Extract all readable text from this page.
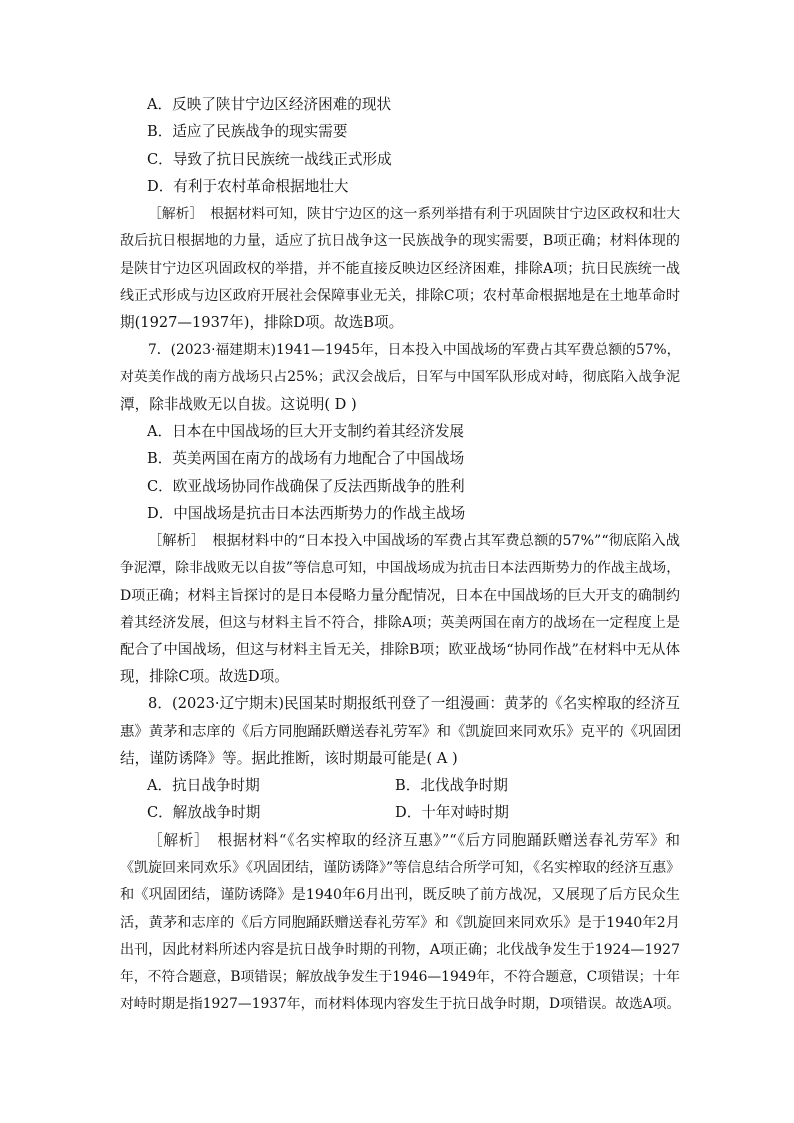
A．反映了陕甘宁边区经济困难的现状
B．适应了民族战争的现实需要
C．导致了抗日民族统一战线正式形成
D．有利于农村革命根据地壮大
［解析］　根据材料可知，陕甘宁边区的这一系列举措有利于巩固陕甘宁边区政权和壮大
敌后抗日根据地的力量，适应了抗日战争这一民族战争的现实需要，B项正确；材料体现的
是陕甘宁边区巩固政权的举措，并不能直接反映边区经济困难，排除A项；抗日民族统一战
线正式形成与边区政府开展社会保障事业无关，排除C项；农村革命根据地是在土地革命时
期(1927—1937年)，排除D项。故选B项。
7．(2023·福建期末)1941—1945年，日本投入中国战场的军费占其军费总额的57%，
对英美作战的南方战场只占25%；武汉会战后，日军与中国军队形成对峙，彻底陷入战争泥
潭，除非战败无以自拔。这说明( D )
A．日本在中国战场的巨大开支制约着其经济发展
B．英美两国在南方的战场有力地配合了中国战场
C．欧亚战场协同作战确保了反法西斯战争的胜利
D．中国战场是抗击日本法西斯势力的作战主战场
［解析］　根据材料中的“日本投入中国战场的军费占其军费总额的57%”“彻底陷入战
争泥潭，除非战败无以自拔”等信息可知，中国战场成为抗击日本法西斯势力的作战主战场，
D项正确；材料主旨探讨的是日本侵略力量分配情况，日本在中国战场的巨大开支的确制约
着其经济发展，但这与材料主旨不符合，排除A项；英美两国在南方的战场在一定程度上是
配合了中国战场，但这与材料主旨无关，排除B项；欧亚战场“协同作战”在材料中无从体
现，排除C项。故选D项。
8．(2023·辽宁期末)民国某时期报纸刊登了一组漫画：黄茅的《名实榨取的经济互
惠》黄茅和志庠的《后方同胞踊跃赠送春礼劳军》和《凯旋回来同欢乐》克平的《巩固团
结，谨防诱降》等。据此推断，该时期最可能是( A )
A．抗日战争时期	B．北伐战争时期
C．解放战争时期	D．十年对峙时期
［解析］　根据材料“《名实榨取的经济互惠》”“《后方同胞踊跃赠送春礼劳军》和
《凯旋回来同欢乐》《巩固团结，谨防诱降》”等信息结合所学可知，《名实榨取的经济互惠》
和《巩固团结，谨防诱降》是1940年6月出刊，既反映了前方战况，又展现了后方民众生
活，黄茅和志庠的《后方同胞踊跃赠送春礼劳军》和《凯旋回来同欢乐》是于1940年2月
出刊，因此材料所述内容是抗日战争时期的刊物，A项正确；北伐战争发生于1924—1927
年，不符合题意，B项错误；解放战争发生于1946—1949年，不符合题意，C项错误；十年
对峙时期是指1927—1937年，而材料体现内容发生于抗日战争时期，D项错误。故选A项。
